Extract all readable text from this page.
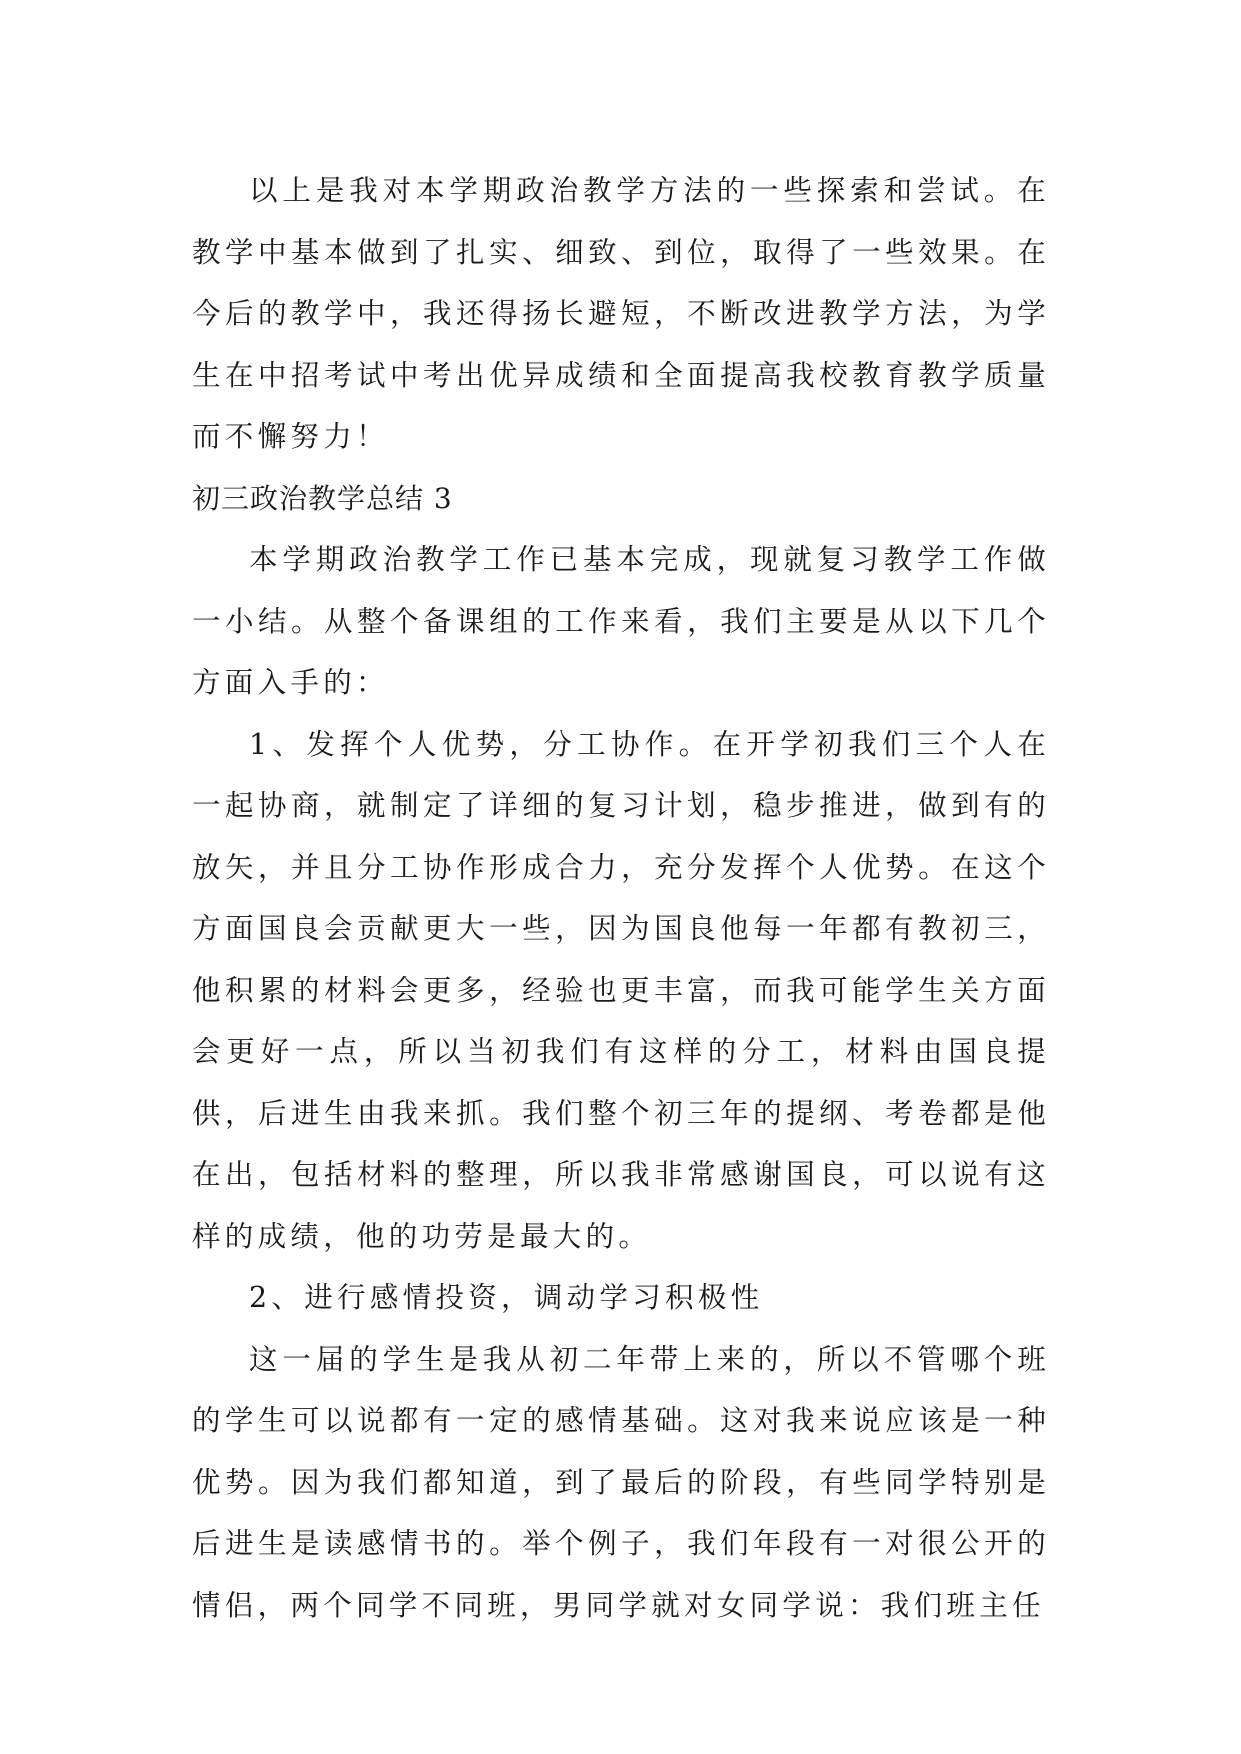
以上是我对本学期政治教学方法的一些探索和尝试。在教学中基本做到了扎实、细致、到位，取得了一些效果。在今后的教学中，我还得扬长避短，不断改进教学方法，为学生在中招考试中考出优异成绩和全面提高我校教育教学质量而不懈努力！

初三政治教学总结 3

本学期政治教学工作已基本完成，现就复习教学工作做一小结。从整个备课组的工作来看，我们主要是从以下几个方面入手的：

1、发挥个人优势，分工协作。在开学初我们三个人在一起协商，就制定了详细的复习计划，稳步推进，做到有的放矢，并且分工协作形成合力，充分发挥个人优势。在这个方面国良会贡献更大一些，因为国良他每一年都有教初三，他积累的材料会更多，经验也更丰富，而我可能学生关方面会更好一点，所以当初我们有这样的分工，材料由国良提供，后进生由我来抓。我们整个初三年的提纲、考卷都是他在出，包括材料的整理，所以我非常感谢国良，可以说有这样的成绩，他的功劳是最大的。

2、进行感情投资，调动学习积极性

这一届的学生是我从初二年带上来的，所以不管哪个班的学生可以说都有一定的感情基础。这对我来说应该是一种优势。因为我们都知道，到了最后的阶段，有些同学特别是后进生是读感情书的。举个例子，我们年段有一对很公开的情侣，两个同学不同班，男同学就对女同学说：我们班主任
